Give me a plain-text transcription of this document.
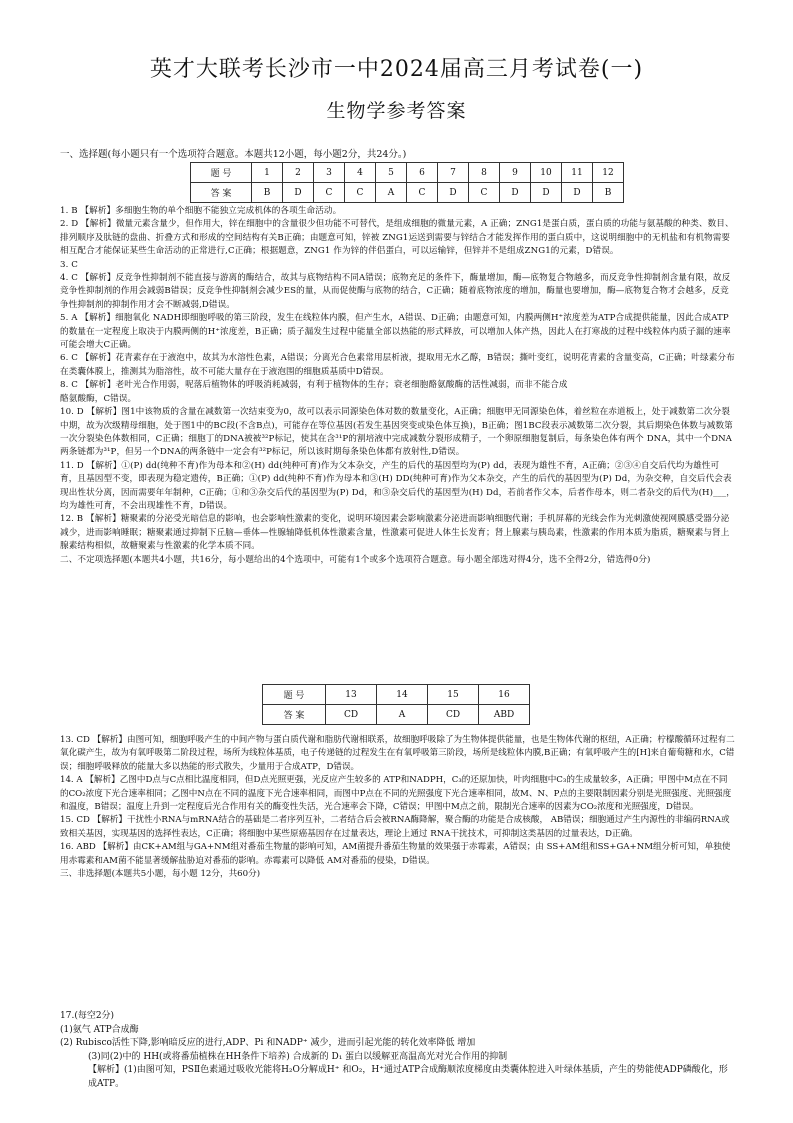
英才大联考长沙市一中2024届高三月考试卷(一)
生物学参考答案
一、选择题(每小题只有一个选项符合题意。本题共12小题，每小题2分，共24分。)
题 号	1	2	3	4	5	6	7	8	9	10	11	12
答 案	B	D	C	C	A	C	D	C	D	D	D	B

1. B 【解析】多细胞生物的单个细胞不能独立完成机体的各项生命活动。

2. D 【解析】微量元素含量少，但作用大，锌在细胞中的含量很少但功能不可替代，是组成细胞的微量元素，A 正确；ZNG1是蛋白质，蛋白质的功能与氨基酸的种类、数目、排列顺序及肽链的盘曲、折叠方式和形成的空间结构有关B正确；由题意可知，锌被 ZNG1运送到需要与锌结合才能发挥作用的蛋白质中，这说明细胞中的无机盐和有机物需要相互配合才能保证某些生命活动的正常进行,C正确；根据题意，ZNG1 作为锌的伴侣蛋白，可以运输锌，但锌并不是组成ZNG1的元素，D错误。

3. C

4. C 【解析】反竞争性抑制剂不能直接与游离的酶结合，故其与底物结构不同A错误；底物充足的条件下，酶量增加，酶—底物复合物越多，而反竞争性抑制剂含量有限，故反竞争性抑制剂的作用会减弱B错误；反竞争性抑制剂会减少ES的量，从而促使酶与底物的结合，C正确；随着底物浓度的增加，酶量也要增加，酶—底物复合物才会越多，反竞争性抑制剂的抑制作用才会不断减弱,D错误。

5. A 【解析】细胞氧化 NADH即细胞呼吸的第三阶段，发生在线粒体内膜，但产生水，A错误、D正确；由题意可知，内膜两侧H⁺浓度差为ATP合成提供能量，因此合成ATP的数量在一定程度上取决于内膜两侧的H⁺浓度差，B正确；质子漏发生过程中能量全部以热能的形式释放，可以增加人体产热，因此人在打寒战的过程中线粒体内质子漏的速率可能会增大C正确。

6. C 【解析】花青素存在于液泡中，故其为水溶性色素，A错误；分离光合色素常用层析液，提取用无水乙醇，B错误；撕叶变红，说明花青素的含量变高，C正确；叶绿素分布在类囊体膜上，推测其为脂溶性，故不可能大量存在于液泡围的细胞质基质中D错误。

8. C 【解析】老叶光合作用弱，呢落后植物体的呼吸消耗减弱，有利于植物体的生存；衰老细胞酪氨酸酶的活性减弱，而非不能合成

酪氨酸酶，C错误。

10. D 【解析】图1中该物质的含量在减数第一次结束变为0，故可以表示同源染色体对数的数量变化，A正确；细胞甲无同源染色体，着丝粒在赤道板上，处于减数第二次分裂中期，故为次级精母细胞，处于图1中的BC段(不含B点)，可能存在等位基因(若发生基因突变或染色体互换)，B正确；图1BC段表示减数第二次分裂，其后期染色体数与减数第一次分裂染色体数相同，C正确；细胞丁的DNA被被³²P标记，使其在含³¹P的割培液中完成减数分裂形成精子，一个卵原细胞复制后，每条染色体有两个 DNA，其中一个DNA两条链都为³¹P，但另一个DNA的两条链中一定会有³²P标记，所以该时期每条染色体都有放射性,D错误。

11. D 【解析】①(P) dd(纯种不育)作为母本和②(H) dd(纯种可育)作为父本杂交，产生的后代的基因型均为(P) dd，表现为雄性不育，A正确；②③④自交后代均为雄性可育，且基因型不变，即表现为稳定遗传，B正确；①(P) dd(纯种不育)作为母本和③(H) DD(纯种可育)作为父本杂交，产生的后代的基因型为(P) Dd，为杂交种，自交后代会表现出性状分离，因而需要年年制种，C正确；①和③杂交后代的基因型为(P) Dd，和③杂交后代的基因型为(H) Dd，若前者作父本，后者作母本，则二者杂交的后代为(H)___，均为雄性可育，不会出现雄性不育，D错误。

12. B 【解析】糖聚素的分泌受光暗信息的影响，也会影响性激素的变化，说明环境因素会影响激素分泌进而影响细胞代谢；手机屏幕的光线会作为光刺激使视网膜感受器分泌减少，进而影响睡眠；糖聚素通过抑制下丘脑—垂体—性腺轴降低机体性激素含量，性激素可促进人体生长发育；肾上腺素与胰岛素，性激素的作用本质为脂质，糖聚素与肾上腺素结构相似，故糖聚素与性激素的化学本质不同。

二、不定项选择题(本题共4小题，共16分，每小题给出的4个选项中，可能有1个或多个选项符合题意。每小题全部选对得4分，选不全得2分，错选得0分)

题 号	13	14	15	16
答 案	CD	A	CD	ABD

13. CD 【解析】由图可知，细胞呼吸产生的中间产物与蛋白质代谢和脂肪代谢相联系，故细胞呼吸除了为生物体提供能量，也是生物体代谢的枢纽，A正确；柠檬酸循环过程有二氧化碳产生，故为有氧呼吸第二阶段过程，场所为线粒体基质，电子传递链的过程发生在有氧呼吸第三阶段，场所是线粒体内膜,B正确；有氧呼吸产生的[H]来自葡萄糖和水，C错误；细胞呼吸释放的能量大多以热能的形式散失，少量用于合成ATP，D错误。

14. A 【解析】乙图中D点与C点相比温度相同，但D点光照更强，光反应产生较多的 ATP和NADPH，C₃的还原加快，叶肉细胞中C₃的生成量较多，A正确；甲图中M点在不同的CO₂浓度下光合速率相同；乙图中N点在不同的温度下光合速率相同，而图中P点在不同的光照强度下光合速率相同，故M、N、P点的主要限制因素分别是光照强度、光照强度和温度，B错误；温度上升到一定程度后光合作用有关的酶变性失活，光合速率会下降，C错误；甲图中M点之前，限制光合速率的因素为CO₂浓度和光照强度，D错误。

15. CD 【解析】干扰性小RNA与mRNA结合的基础是二者序列互补，二者结合后会被RNA酶降解，聚合酶的功能是合成核酸， AB错误；细胞通过产生内源性的非编码RNA或致相关基因，实现基因的选择性表达，C正确；将细胞中某些原癌基因存在过量表达，理论上通过 RNA干扰技术，可抑制这类基因的过量表达，D正确。

16. ABD 【解析】由CK+AM组与GA+NM组对番茄生物量的影响可知，AM菌提升番茄生物量的效果强于赤霉素，A错误；由 SS+AM组和SS+GA+NM组分析可知，单独使用赤霉素和AM菌不能显著缓解盐胁迫对番茄的影响。赤霉素可以降低 AM对番茄的侵染，D错误。

三、非选择题(本题共5小题，每小题 12分，共60分)

17.(每空2分)

(1)氨气 ATP合成酶

(2) Rubisco活性下降,影响暗反应的进行,ADP、Pi 和NADP⁺ 减少，进而引起光能的转化效率降低 增加

(3)同(2)中的 HH(或将番茄植株在HH条件下培养) 合成新的 D₁ 蛋白以缓解亚高温高光对光合作用的抑制

【解析】(1)由图可知，PSⅡ色素通过吸收光能将H₂O分解成H⁺ 和O₂，H⁺通过ATP合成酶顺浓度梯度由类囊体腔进入叶绿体基质，产生的势能使ADP磷酸化，形成ATP。
